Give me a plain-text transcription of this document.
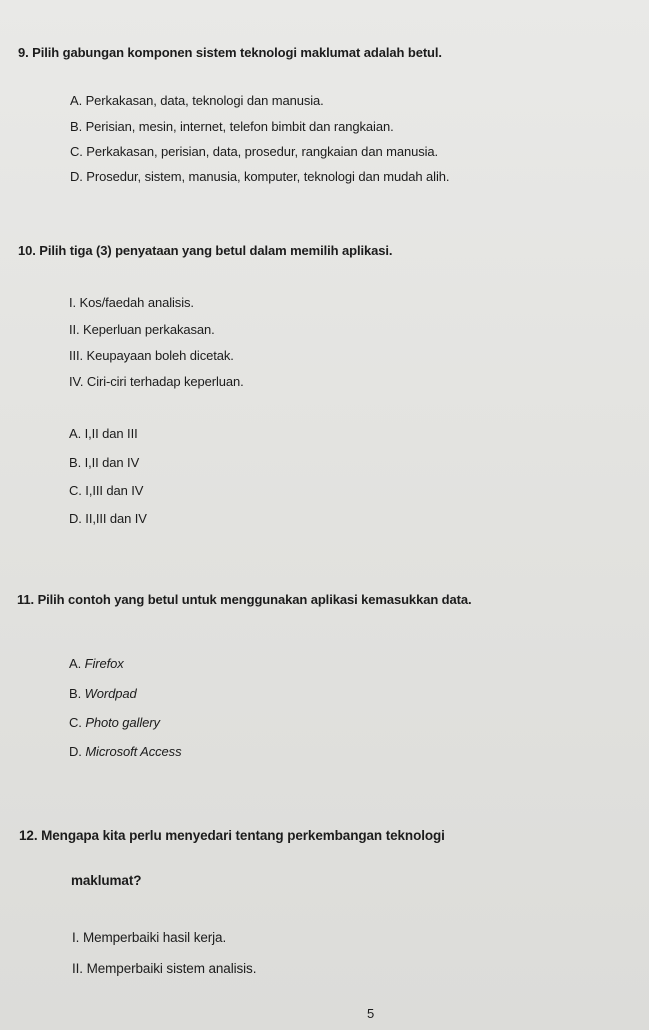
9. Pilih gabungan komponen sistem teknologi maklumat adalah betul.
A. Perkakasan, data, teknologi dan manusia.
B. Perisian, mesin, internet, telefon bimbit dan rangkaian.
C. Perkakasan, perisian, data, prosedur, rangkaian dan manusia.
D. Prosedur, sistem, manusia, komputer, teknologi dan mudah alih.
10. Pilih tiga (3) penyataan yang betul dalam memilih aplikasi.
I. Kos/faedah analisis.
II. Keperluan perkakasan.
III. Keupayaan boleh dicetak.
IV. Ciri-ciri terhadap keperluan.
A. I,II dan III
B. I,II dan IV
C. I,III dan IV
D. II,III dan IV
11. Pilih contoh yang betul untuk menggunakan aplikasi kemasukkan data.
A. Firefox
B. Wordpad
C. Photo gallery
D. Microsoft Access
12. Mengapa kita perlu menyedari tentang perkembangan teknologi
maklumat?
I. Memperbaiki hasil kerja.
II. Memperbaiki sistem analisis.
5
